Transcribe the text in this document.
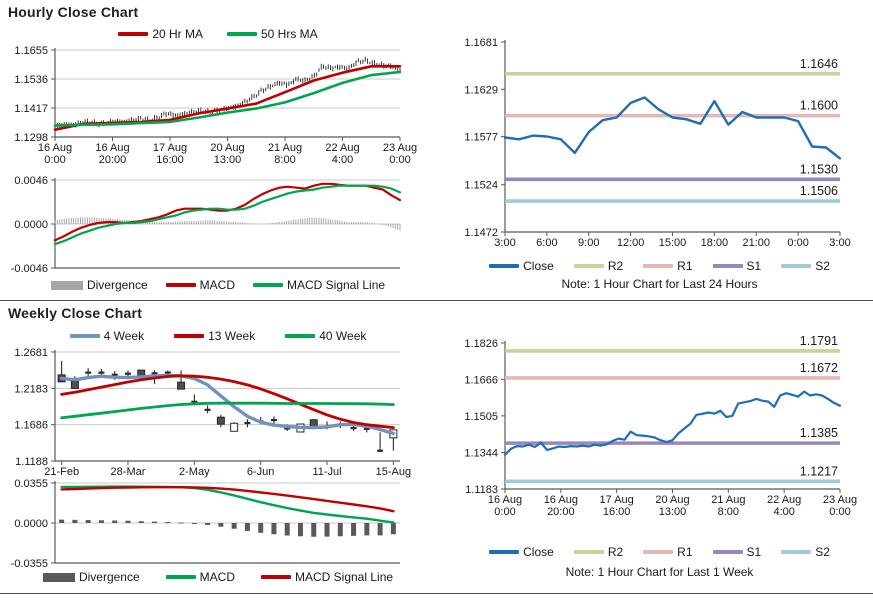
Hourly Close Chart
20 Hr MA	50 Hrs MA
1.1655
1.1536
1.1417
1.1298
16 Aug
0:00
16 Aug
20:00
17 Aug
16:00
20 Aug
13:00
21 Aug
8:00
22 Aug
4:00
23 Aug
0:00
0.0046
0.0000
-0.0046
Divergence	MACD	MACD Signal Line
1.1681
1.1629
1.1577
1.1524
1.1472
3:00 6:00 9:00 12:00 15:00 18:00 21:00 0:00 3:00
1.1646
1.1600
1.1530
1.1506
Close	R2	R1	S1	S2
Note: 1 Hour Chart for Last 24 Hours
Weekly Close Chart
4 Week	13 Week	40 Week
1.2681
1.2183
1.1686
1.1188
21-Feb	28-Mar	2-May	6-Jun	11-Jul	15-Aug
0.0355
0.0000
-0.0355
Divergence	MACD	MACD Signal Line
1.1826
1.1666
1.1505
1.1344
1.1183
16 Aug
0:00
16 Aug
20:00
17 Aug
16:00
20 Aug
13:00
21 Aug
8:00
22 Aug
4:00
23 Aug
0:00
1.1791
1.1672
1.1385
1.1217
Close	R2	R1	S1	S2
Note: 1 Hour Chart for Last 1 Week
